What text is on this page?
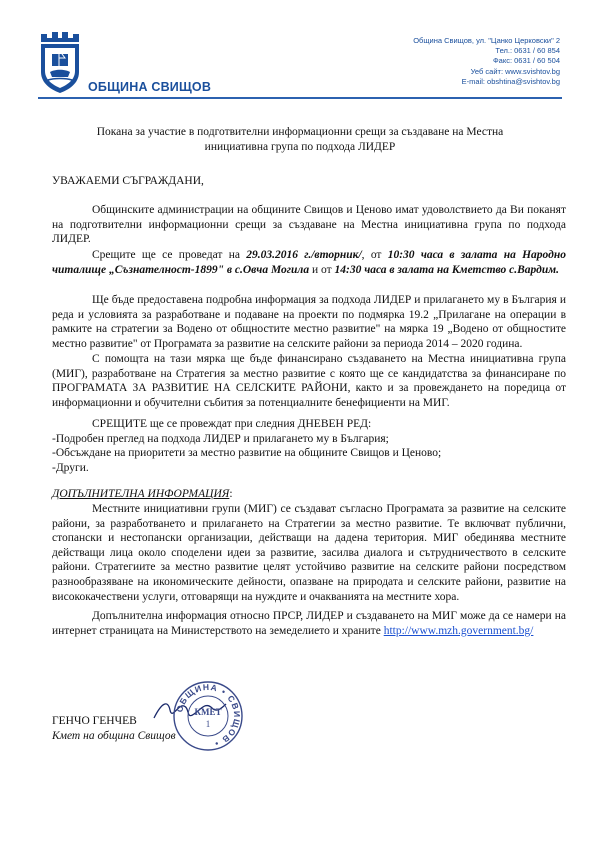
ОБЩИНА СВИЩОВ
Община Свищов, ул. "Цанко Церковски" 2
Тел.: 0631 / 60 854
Факс: 0631 / 60 504
Уеб сайт: www.svishtov.bg
E-mail: obshtina@svishtov.bg
Покана за участие в подготвителни информационни срещи за създаване на Местна инициативна група по подхода ЛИДЕР
УВАЖАЕМИ СЪГРАЖДАНИ,
Общинските администрации на общините Свищов и Ценово имат удоволствието да Ви поканят на подготвителни информационни срещи за създаване на Местна инициативна група по подхода ЛИДЕР.
Срещите ще се проведат на 29.03.2016 г./вторник/, от 10:30 часа в залата на Народно читалище „Съзнателност-1899" в с.Овча Могила и от 14:30 часа в залата на Кметство с.Вардим.
Ще бъде предоставена подробна информация за подхода ЛИДЕР и прилагането му в България и реда и условията за разработване и подаване на проекти по подмярка 19.2 „Прилагане на операции в рамките на стратегии за Водено от общностите местно развитие" на мярка 19 „Водено от общностите местно развитие" от Програмата за развитие на селските райони за периода 2014 – 2020 година.
С помощта на тази мярка ще бъде финансирано създаването на Местна инициативна група (МИГ), разработване на Стратегия за местно развитие с която ще се кандидатства за финансиране по ПРОГРАМАТА ЗА РАЗВИТИЕ НА СЕЛСКИТЕ РАЙОНИ, както и за провеждането на поредица от информационни и обучителни събития за потенциалните бенефициенти на МИГ.
СРЕЩИТЕ ще се провеждат при следния ДНЕВЕН РЕД:
-Подробен преглед на подхода ЛИДЕР и прилагането му в България;
-Обсъждане на приоритети за местно развитие на общините Свищов и Ценово;
-Други.
ДОПЪЛНИТЕЛНА ИНФОРМАЦИЯ:
Местните инициативни групи (МИГ) се създават съгласно Програмата за развитие на селските райони, за разработването и прилагането на Стратегии за местно развитие. Те включват публични, стопански и нестопански организации, действащи на дадена територия. МИГ обединява местните действащи лица около споделени идеи за развитие, засилва диалога и сътрудничеството в селските райони. Стратегиите за местно развитие целят устойчиво развитие на селските райони посредством разнообразяване на икономическите дейности, опазване на природата и селските райони, развитие на висококачествени услуги, отговарящи на нуждите и очакванията на местните хора.
Допълнителна информация относно ПРСР, ЛИДЕР и създаването на МИГ може да се намери на интернет страницата на Министерството на земеделието и храните http://www.mzh.government.bg/
ОБЩИНА • СВИЩОВ •
КМЕТ
1
ГЕНЧО ГЕНЧЕВ
Кмет на община Свищов
